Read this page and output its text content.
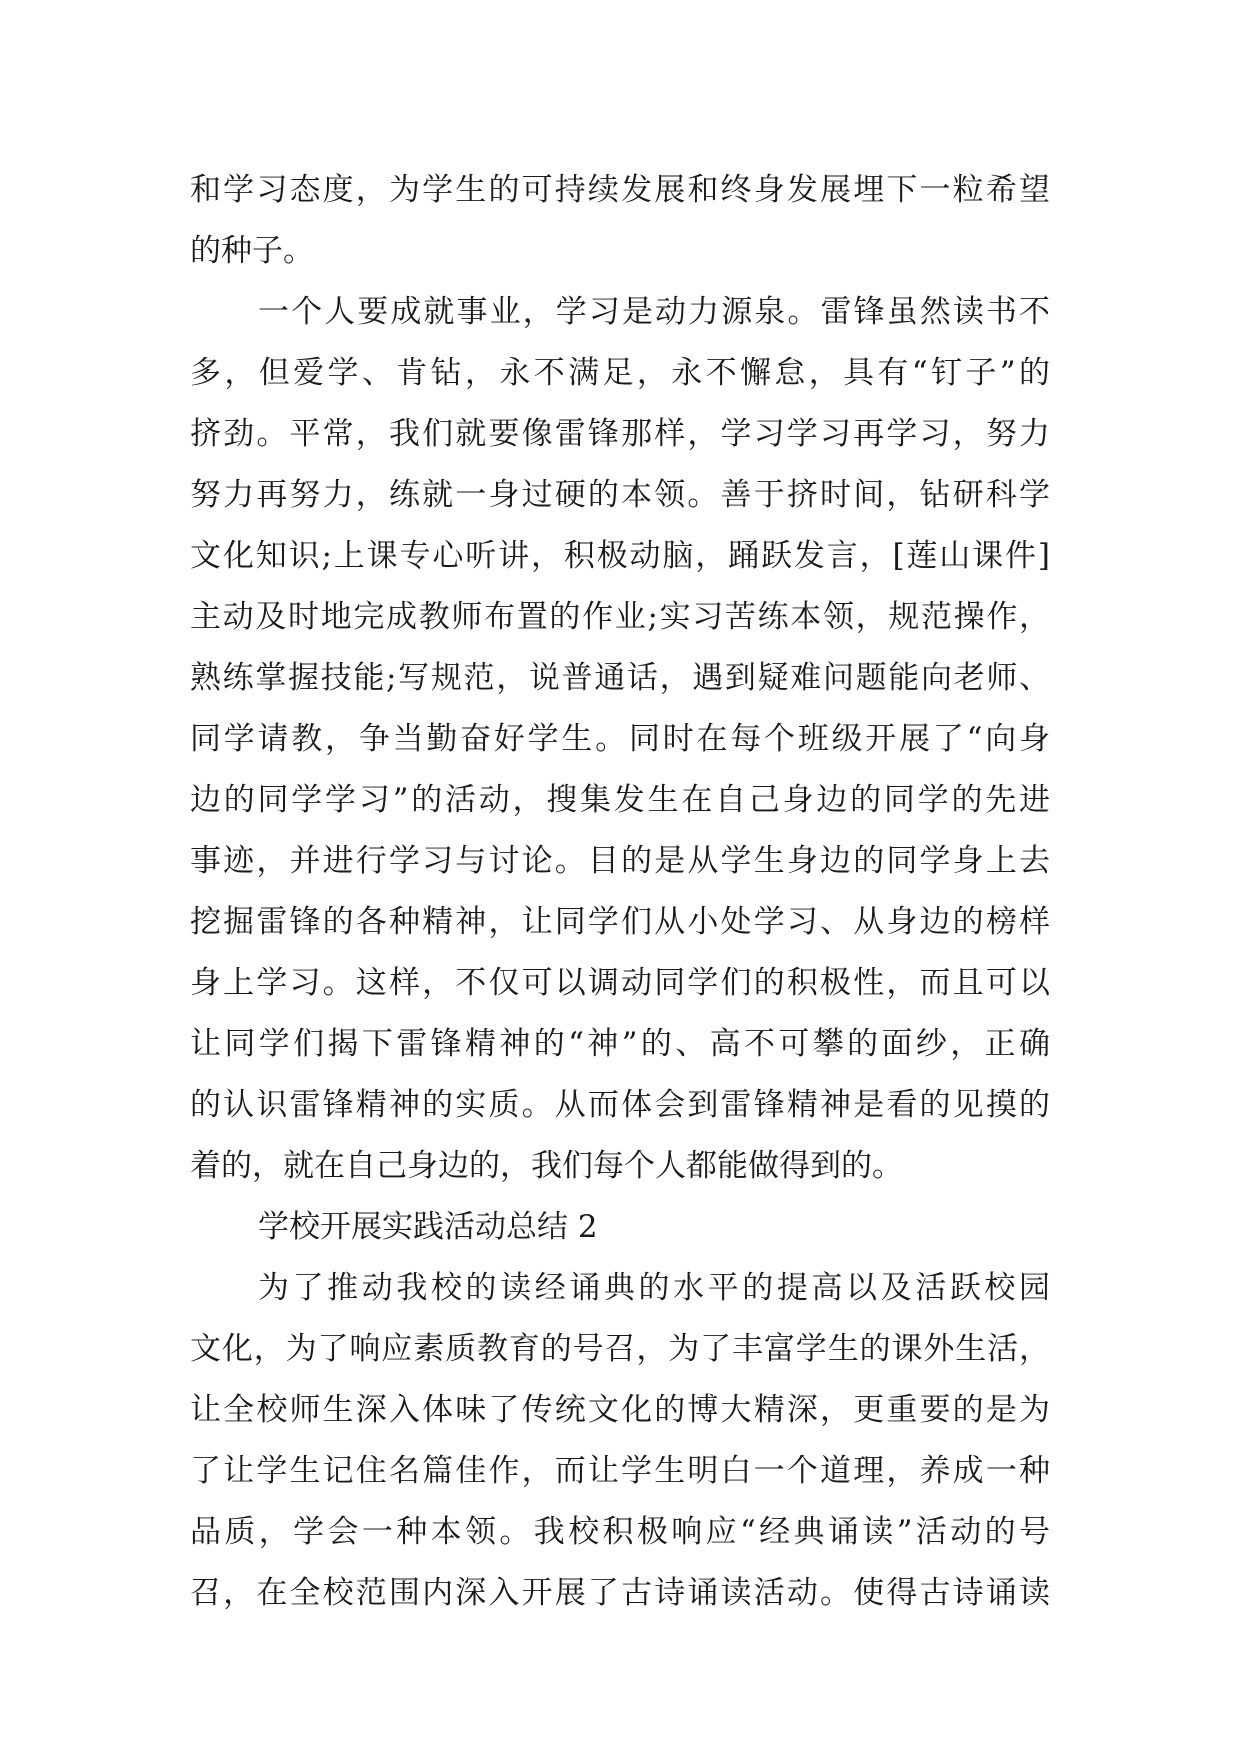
和学习态度，为学生的可持续发展和终身发展埋下一粒希望
的种子。
一个人要成就事业，学习是动力源泉。雷锋虽然读书不
多，但爱学、肯钻，永不满足，永不懈怠，具有“钉子”的
挤劲。平常，我们就要像雷锋那样，学习学习再学习，努力
努力再努力，练就一身过硬的本领。善于挤时间，钻研科学
文化知识;上课专心听讲，积极动脑，踊跃发言，[莲山课件]
主动及时地完成教师布置的作业;实习苦练本领，规范操作，
熟练掌握技能;写规范，说普通话，遇到疑难问题能向老师、
同学请教，争当勤奋好学生。同时在每个班级开展了“向身
边的同学学习”的活动，搜集发生在自己身边的同学的先进
事迹，并进行学习与讨论。目的是从学生身边的同学身上去
挖掘雷锋的各种精神，让同学们从小处学习、从身边的榜样
身上学习。这样，不仅可以调动同学们的积极性，而且可以
让同学们揭下雷锋精神的“神”的、高不可攀的面纱，正确
的认识雷锋精神的实质。从而体会到雷锋精神是看的见摸的
着的，就在自己身边的，我们每个人都能做得到的。
学校开展实践活动总结 2
为了推动我校的读经诵典的水平的提高以及活跃校园
文化，为了响应素质教育的号召，为了丰富学生的课外生活，
让全校师生深入体味了传统文化的博大精深，更重要的是为
了让学生记住名篇佳作，而让学生明白一个道理，养成一种
品质，学会一种本领。我校积极响应“经典诵读”活动的号
召，在全校范围内深入开展了古诗诵读活动。使得古诗诵读
